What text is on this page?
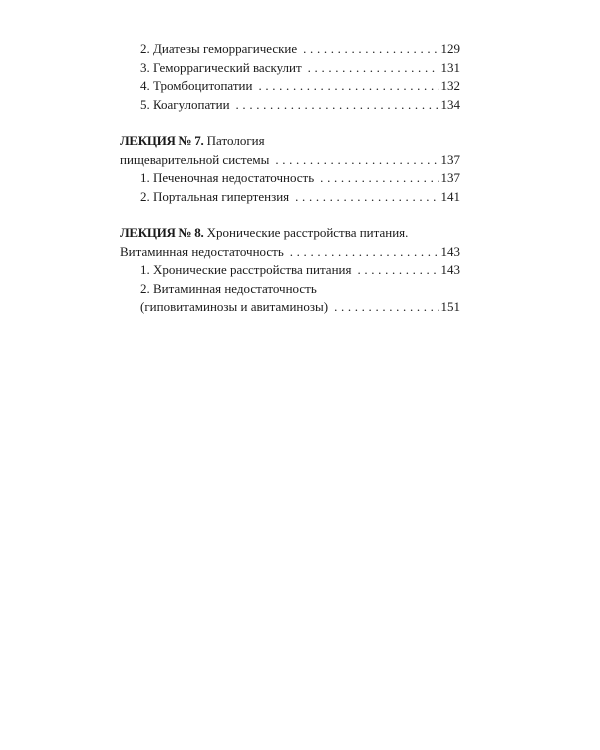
2. Диатезы геморрагические . . .	129
3. Геморрагический васкулит . . .	131
4. Тромбоцитопатии . . .	132
5. Коагулопатии . . .	134
ЛЕКЦИЯ № 7. Патология
пищеварительной системы . . .	137
1. Печеночная недостаточность . . .	137
2. Портальная гипертензия . . .	141
ЛЕКЦИЯ № 8. Хронические расстройства питания.
Витаминная недостаточность . . .	143
1. Хронические расстройства питания . . .	143
2. Витаминная недостаточность
(гиповитаминозы и авитаминозы) . . .	151
